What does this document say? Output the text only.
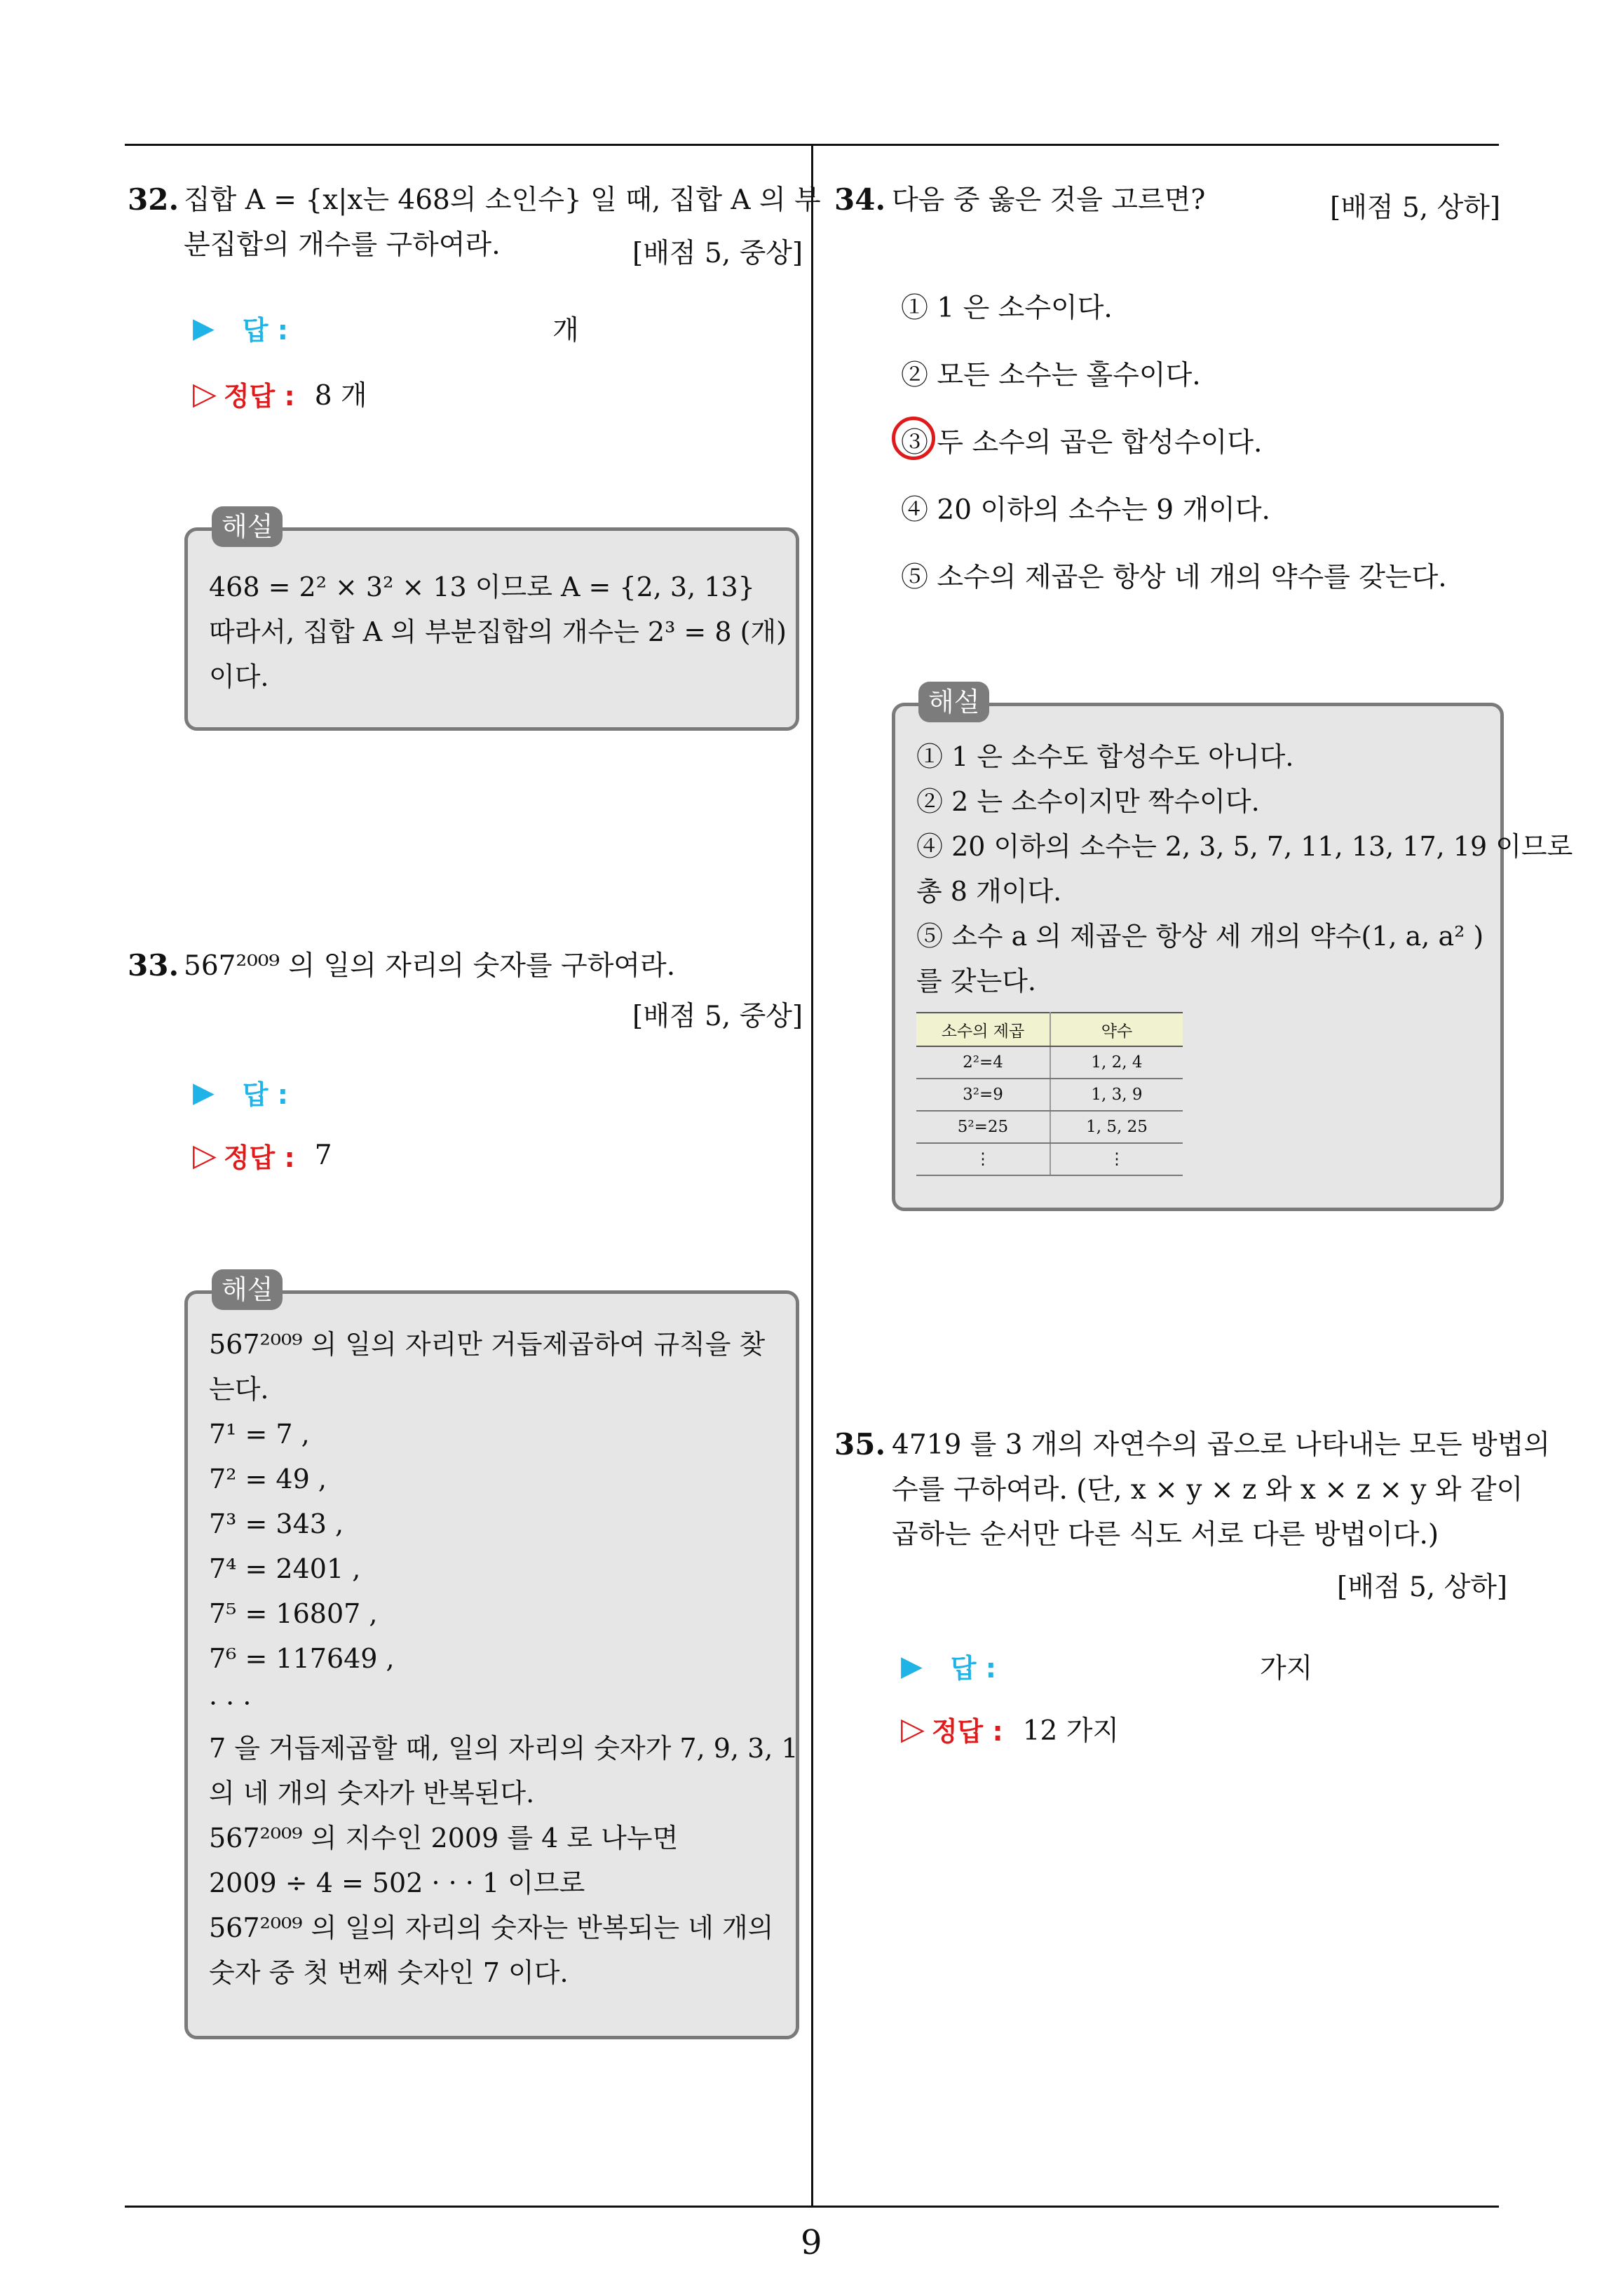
9
32. 집합 A = {x|x는 468의 소인수} 일 때, 집합 A 의 부
분집합의 개수를 구하여라.	[배점 5, 중상]
▶ 답 :	개
▷ 정답 : 8 개
468 = 2² × 3² × 13 이므로 A = {2, 3, 13}
따라서, 집합 A 의 부분집합의 개수는 2³ = 8 (개)
이다.
해설
33. 567²⁰⁰⁹ 의 일의 자리의 숫자를 구하여라.
[배점 5, 중상]
▶ 답 :
▷ 정답 : 7
567²⁰⁰⁹ 의 일의 자리만 거듭제곱하여 규칙을 찾
는다.
7¹ = 7 ,
7² = 49 ,
7³ = 343 ,
7⁴ = 2401 ,
7⁵ = 16807 ,
7⁶ = 117649 ,
· · ·
7 을 거듭제곱할 때, 일의 자리의 숫자가 7, 9, 3, 1
의 네 개의 숫자가 반복된다.
567²⁰⁰⁹ 의 지수인 2009 를 4 로 나누면
2009 ÷ 4 = 502 · · · 1 이므로
567²⁰⁰⁹ 의 일의 자리의 숫자는 반복되는 네 개의
숫자 중 첫 번째 숫자인 7 이다.
해설
34. 다음 중 옳은 것을 고르면?	[배점 5, 상하]
① 1 은 소수이다.
② 모든 소수는 홀수이다.
③ 두 소수의 곱은 합성수이다.
④ 20 이하의 소수는 9 개이다.
⑤ 소수의 제곱은 항상 네 개의 약수를 갖는다.
① 1 은 소수도 합성수도 아니다.
② 2 는 소수이지만 짝수이다.
④ 20 이하의 소수는 2, 3, 5, 7, 11, 13, 17, 19 이므로
총 8 개이다.
⑤ 소수 a 의 제곱은 항상 세 개의 약수(1, a, a² )
를 갖는다.
소수의 제곱	약수
2²=4	1, 2, 4
3²=9	1, 3, 9
5²=25	1, 5, 25
⋮	⋮
해설
35. 4719 를 3 개의 자연수의 곱으로 나타내는 모든 방법의
수를 구하여라. (단, x × y × z 와 x × z × y 와 같이
곱하는 순서만 다른 식도 서로 다른 방법이다.)
[배점 5, 상하]
▶ 답 :	가지
▷ 정답 : 12 가지
